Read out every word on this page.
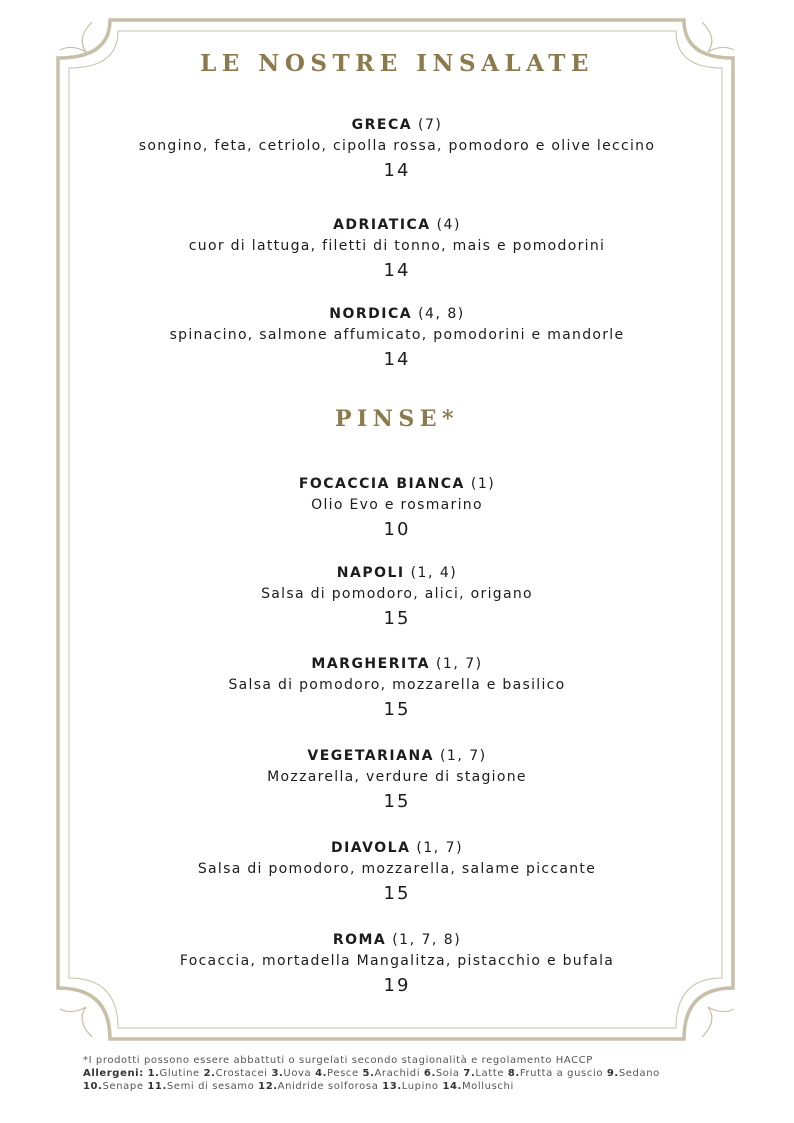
LE NOSTRE INSALATE
GRECA (7)
songino, feta, cetriolo, cipolla rossa, pomodoro e olive leccino
14
ADRIATICA (4)
cuor di lattuga, filetti di tonno, mais e pomodorini
14
NORDICA (4, 8)
spinacino, salmone affumicato, pomodorini e mandorle
14
PINSE*
FOCACCIA BIANCA (1)
Olio Evo e rosmarino
10
NAPOLI (1, 4)
Salsa di pomodoro, alici, origano
15
MARGHERITA (1, 7)
Salsa di pomodoro, mozzarella e basilico
15
VEGETARIANA (1, 7)
Mozzarella, verdure di stagione
15
DIAVOLA (1, 7)
Salsa di pomodoro, mozzarella, salame piccante
15
ROMA (1, 7, 8)
Focaccia, mortadella Mangalitza, pistacchio e bufala
19
*I prodotti possono essere abbattuti o surgelati secondo stagionalità e regolamento HACCP
Allergeni: 1.Glutine 2.Crostacei 3.Uova 4.Pesce 5.Arachidi 6.Soia 7.Latte 8.Frutta a guscio 9.Sedano
10.Senape 11.Semi di sesamo 12.Anidride solforosa 13.Lupino 14.Molluschi
